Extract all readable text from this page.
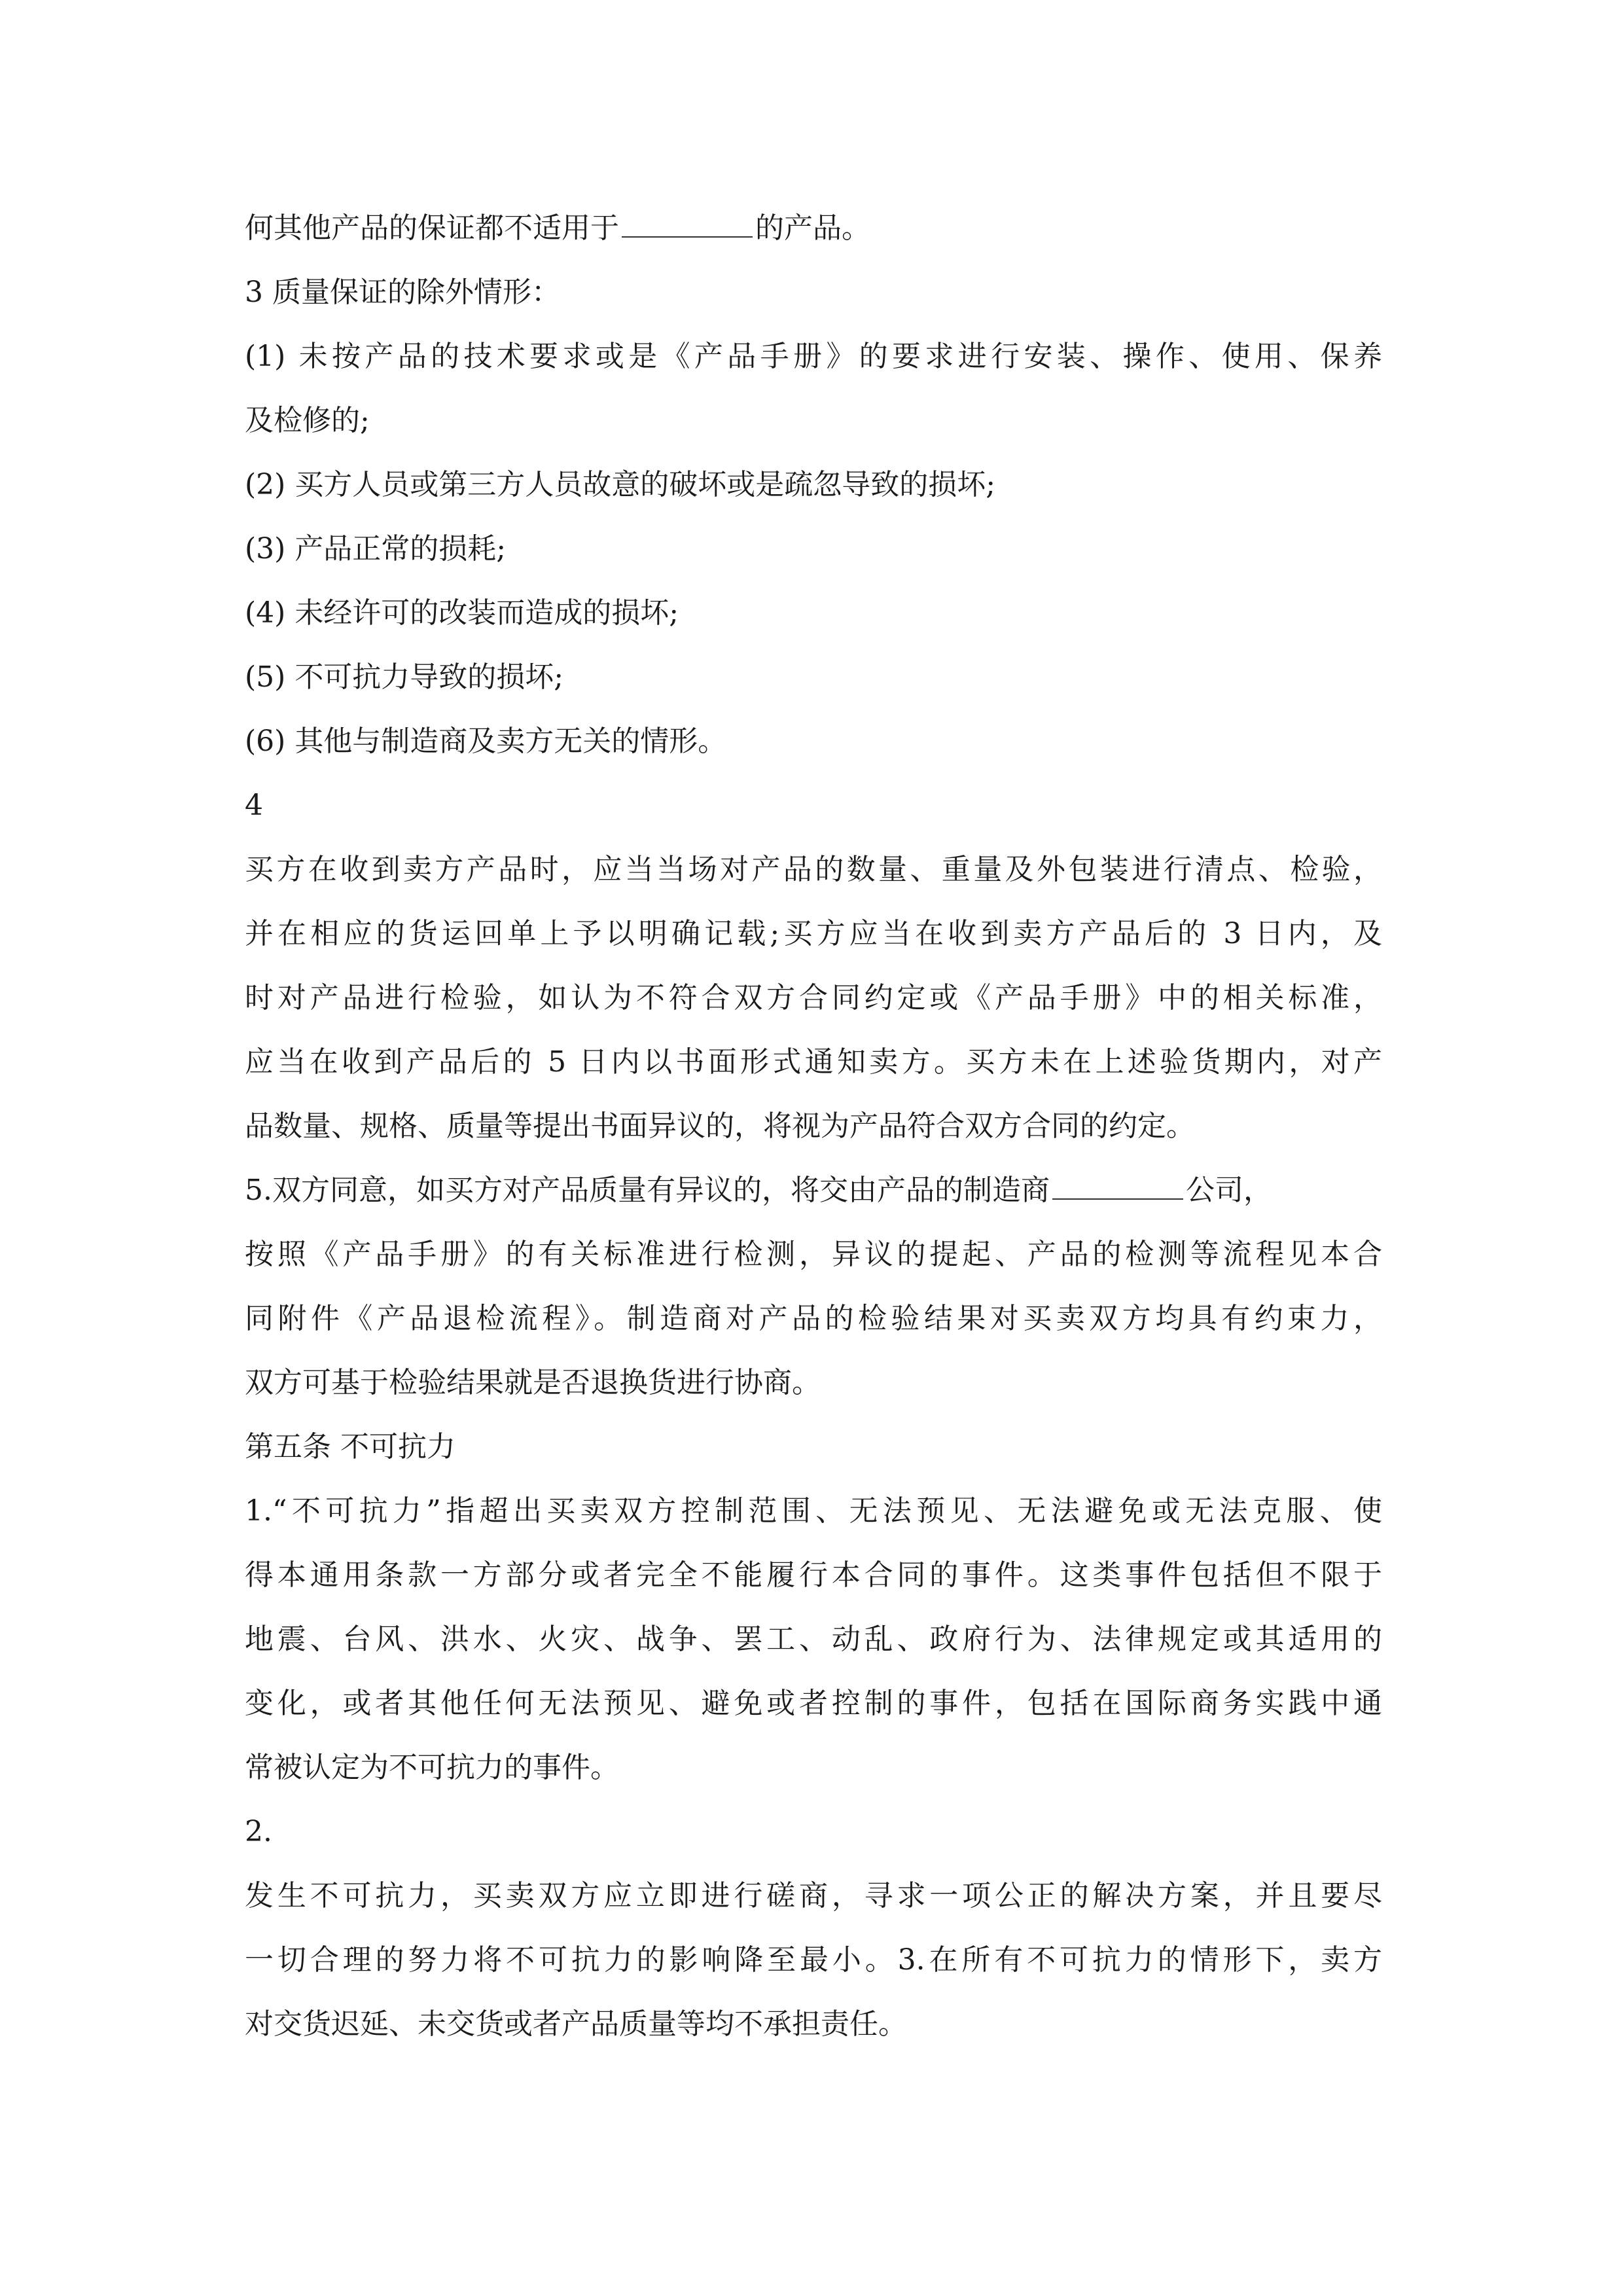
何其他产品的保证都不适用于	的产品。
3 质量保证的除外情形：
(1) 未按产品的技术要求或是《产品手册》的要求进行安装、操作、使用、保养
及检修的;
(2) 买方人员或第三方人员故意的破坏或是疏忽导致的损坏;
(3) 产品正常的损耗;
(4) 未经许可的改装而造成的损坏;
(5) 不可抗力导致的损坏;
(6) 其他与制造商及卖方无关的情形。
4
买方在收到卖方产品时，应当当场对产品的数量、重量及外包装进行清点、检验，
并在相应的货运回单上予以明确记载;买方应当在收到卖方产品后的 3 日内，及
时对产品进行检验，如认为不符合双方合同约定或《产品手册》中的相关标准，
应当在收到产品后的 5 日内以书面形式通知卖方。买方未在上述验货期内，对产
品数量、规格、质量等提出书面异议的，将视为产品符合双方合同的约定。
5.双方同意，如买方对产品质量有异议的，将交由产品的制造商	公司，
按照《产品手册》的有关标准进行检测，异议的提起、产品的检测等流程见本合
同附件《产品退检流程》。制造商对产品的检验结果对买卖双方均具有约束力，
双方可基于检验结果就是否退换货进行协商。
第五条 不可抗力
1.“不可抗力”指超出买卖双方控制范围、无法预见、无法避免或无法克服、使
得本通用条款一方部分或者完全不能履行本合同的事件。这类事件包括但不限于
地震、台风、洪水、火灾、战争、罢工、动乱、政府行为、法律规定或其适用的
变化，或者其他任何无法预见、避免或者控制的事件，包括在国际商务实践中通
常被认定为不可抗力的事件。
2.
发生不可抗力，买卖双方应立即进行磋商，寻求一项公正的解决方案，并且要尽
一切合理的努力将不可抗力的影响降至最小。3.在所有不可抗力的情形下，卖方
对交货迟延、未交货或者产品质量等均不承担责任。
